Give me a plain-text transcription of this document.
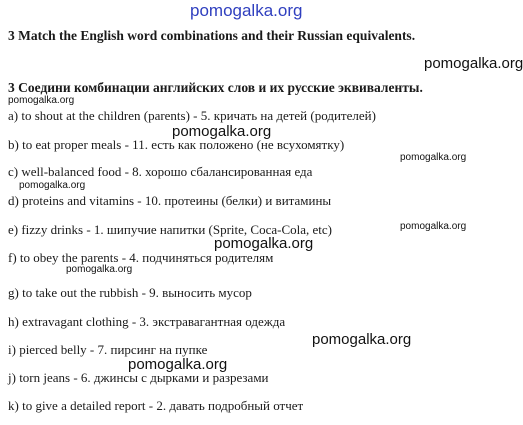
pomogalka.org
3 Match the English word combinations and their Russian equivalents.
3 Соедини комбинации английских слов и их русские эквиваленты.
a) to shout at the children (parents) - 5. кричать на детей (родителей)
b) to eat proper meals - 11. есть как положено (не всухомятку)
c) well-balanced food - 8. хорошо сбалансированная еда
d) proteins and vitamins - 10. протеины (белки) и витамины
e) fizzy drinks - 1. шипучие напитки (Sprite, Coca-Cola, etc)
f) to obey the parents - 4. подчиняться родителям
g) to take out the rubbish - 9. выносить мусор
h) extravagant clothing - 3. экстравагантная одежда
i) pierced belly - 7. пирсинг на пупке
j) torn jeans - 6. джинсы с дырками и разрезами
k) to give a detailed report - 2. давать подробный отчет
pomogalka.org
pomogalka.org
pomogalka.org
pomogalka.org
pomogalka.org
pomogalka.org
pomogalka.org
pomogalka.org
pomogalka.org
pomogalka.org
